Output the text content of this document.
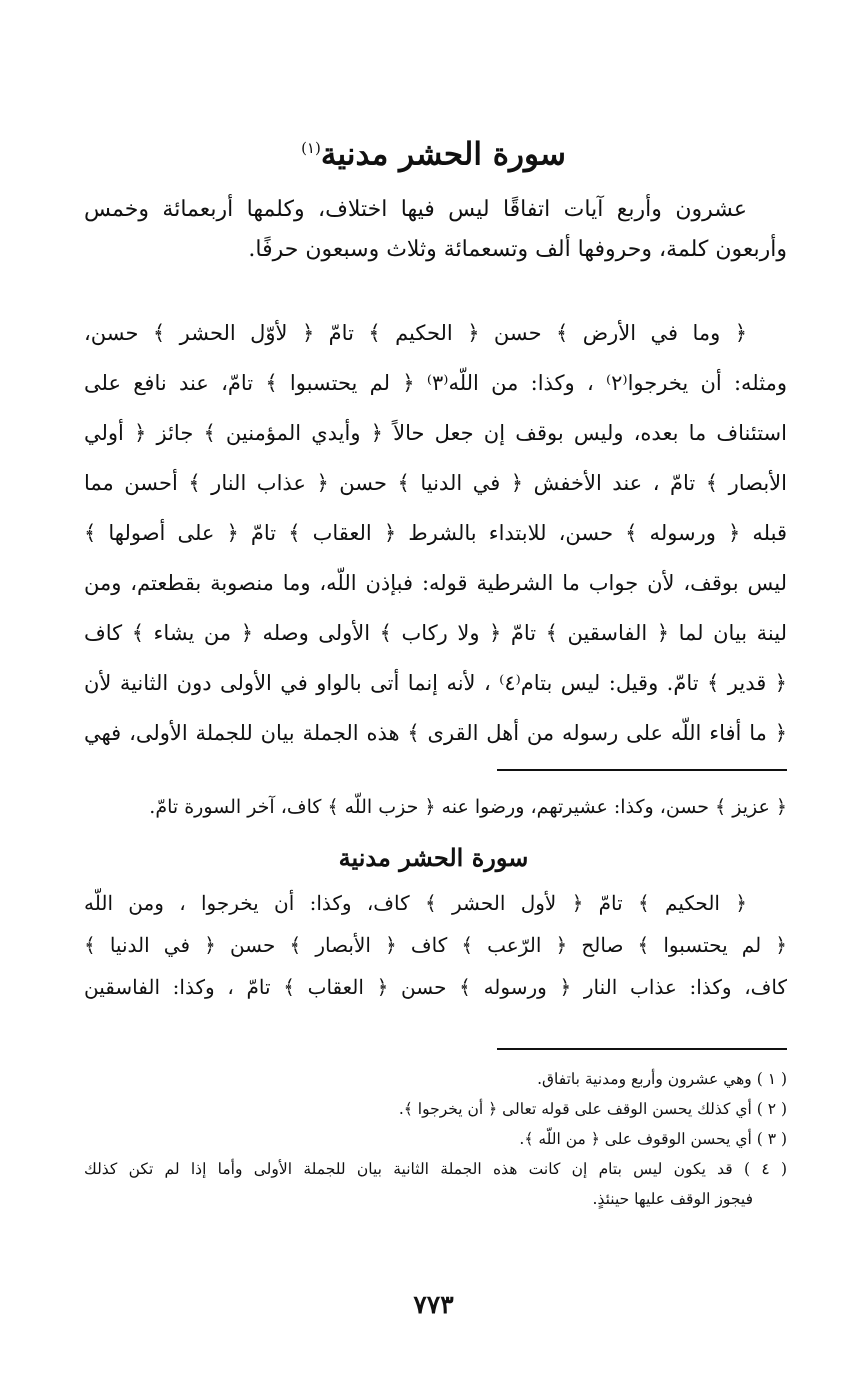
سورة الحشر مدنية$^{(١)}$
عشرون وأربع آيات اتفاقًا ليس فيها اختلاف، وكلمها أربعمائة وخمس
وأربعون كلمة، وحروفها ألف وتسعمائة وثلاث وسبعون حرفًا.
﴿ وما في الأرض ﴾ حسن ﴿ الحكيم ﴾ تامّ ﴿ لأوّل الحشر ﴾ حسن،
ومثله: أن يخرجوا⁽٢⁾ ، وكذا: من اللّه⁽٣⁾ ﴿ لم يحتسبوا ﴾ تامّ، عند نافع على
استئناف ما بعده، وليس بوقف إن جعل حالاً ﴿ وأيدي المؤمنين ﴾ جائز ﴿ أولي
الأبصار ﴾ تامّ ، عند الأخفش ﴿ في الدنيا ﴾ حسن ﴿ عذاب النار ﴾ أحسن مما
قبله ﴿ ورسوله ﴾ حسن، للابتداء بالشرط ﴿ العقاب ﴾ تامّ ﴿ على أصولها ﴾
ليس بوقف، لأن جواب ما الشرطية قوله: فبإذن اللّه، وما منصوبة بقطعتم، ومن
لينة بيان لما ﴿ الفاسقين ﴾ تامّ ﴿ ولا ركاب ﴾ الأولى وصله ﴿ من يشاء ﴾ كاف
﴿ قدير ﴾ تامّ. وقيل: ليس بتام⁽٤⁾ ، لأنه إنما أتى بالواو في الأولى دون الثانية لأن
﴿ ما أفاء اللّه على رسوله من أهل القرى ﴾ هذه الجملة بيان للجملة الأولى، فهي
﴿ عزيز ﴾ حسن، وكذا: عشيرتهم، ورضوا عنه ﴿ حزب اللّه ﴾ كاف، آخر السورة تامّ.
سورة الحشر مدنية
﴿ الحكيم ﴾ تامّ ﴿ لأول الحشر ﴾ كاف، وكذا: أن يخرجوا ، ومن اللّه
﴿ لم يحتسبوا ﴾ صالح ﴿ الرّعب ﴾ كاف ﴿ الأبصار ﴾ حسن ﴿ في الدنيا ﴾
كاف، وكذا: عذاب النار ﴿ ورسوله ﴾ حسن ﴿ العقاب ﴾ تامّ ، وكذا: الفاسقين
( ١ ) وهي عشرون وأربع ومدنية باتفاق.
( ٢ ) أي كذلك يحسن الوقف على قوله تعالى ﴿ أن يخرجوا ﴾.
( ٣ ) أي يحسن الوقوف على ﴿ من اللّه ﴾.
( ٤ ) قد يكون ليس بتام إن كانت هذه الجملة الثانية بيان للجملة الأولى وأما إذا لم تكن كذلك
فيجوز الوقف عليها حينئذٍ.
٧٧٣
